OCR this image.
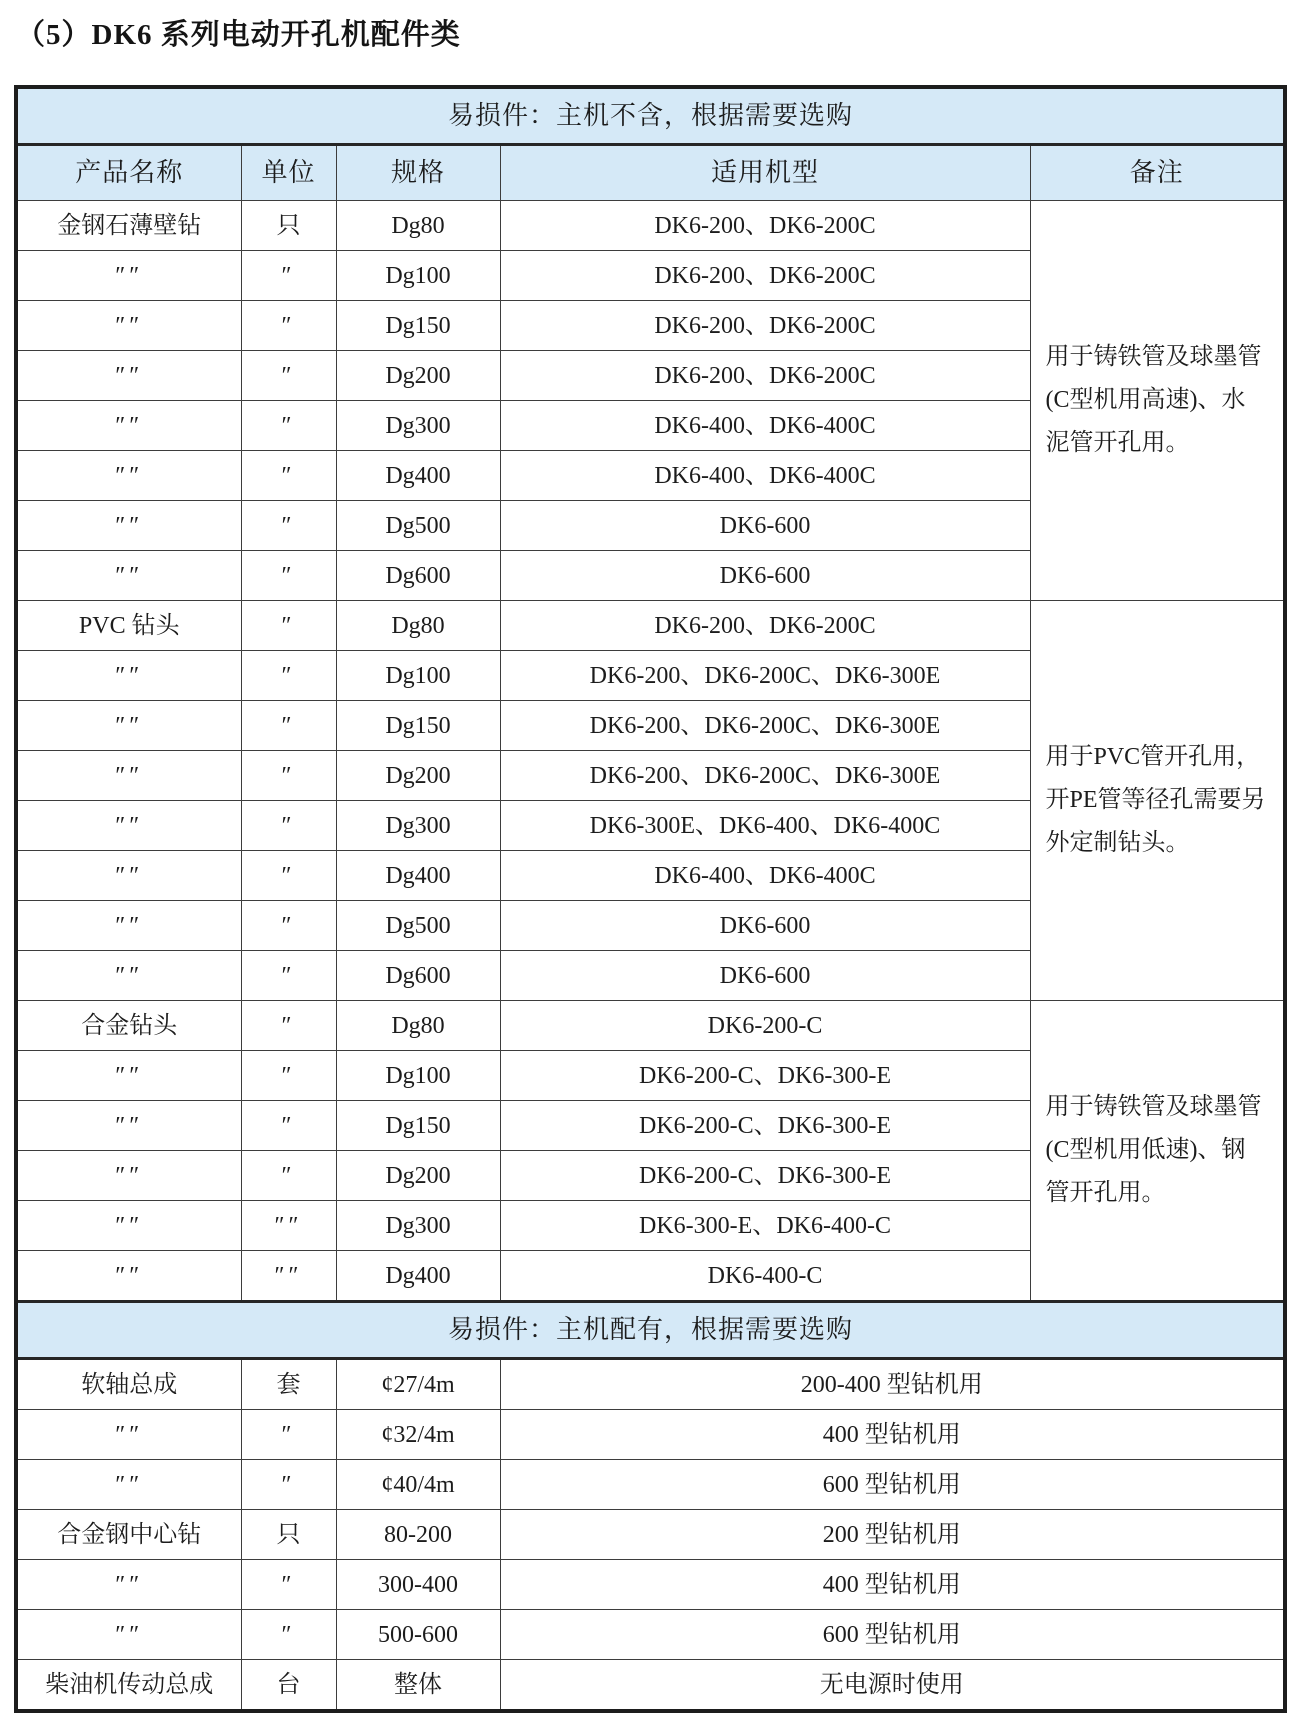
（5）DK6 系列电动开孔机配件类
易损件：主机不含，根据需要选购				
产品名称	单位	规格	适用机型	备注
金钢石薄壁钻	只	Dg80	DK6-200、DK6-200C	用于铸铁管及球墨管(C型机用高速)、水泥管开孔用。
″″	″	Dg100	DK6-200、DK6-200C	
″″	″	Dg150	DK6-200、DK6-200C	
″″	″	Dg200	DK6-200、DK6-200C	
″″	″	Dg300	DK6-400、DK6-400C	
″″	″	Dg400	DK6-400、DK6-400C	
″″	″	Dg500	DK6-600	
″″	″	Dg600	DK6-600	
PVC 钻头	″	Dg80	DK6-200、DK6-200C	用于PVC管开孔用，开PE管等径孔需要另外定制钻头。
″″	″	Dg100	DK6-200、DK6-200C、DK6-300E	
″″	″	Dg150	DK6-200、DK6-200C、DK6-300E	
″″	″	Dg200	DK6-200、DK6-200C、DK6-300E	
″″	″	Dg300	DK6-300E、DK6-400、DK6-400C	
″″	″	Dg400	DK6-400、DK6-400C	
″″	″	Dg500	DK6-600	
″″	″	Dg600	DK6-600	
合金钻头	″	Dg80	DK6-200-C	用于铸铁管及球墨管(C型机用低速)、钢管开孔用。
″″	″	Dg100	DK6-200-C、DK6-300-E	
″″	″	Dg150	DK6-200-C、DK6-300-E	
″″	″	Dg200	DK6-200-C、DK6-300-E	
″″	″″	Dg300	DK6-300-E、DK6-400-C	
″″	″″	Dg400	DK6-400-C	
易损件：主机配有，根据需要选购				
软轴总成	套	¢27/4m	200-400 型钻机用	
″″	″	¢32/4m	400 型钻机用	
″″	″	¢40/4m	600 型钻机用	
合金钢中心钻	只	80-200	200 型钻机用	
″″	″	300-400	400 型钻机用	
″″	″	500-600	600 型钻机用	
柴油机传动总成	台	整体	无电源时使用	
